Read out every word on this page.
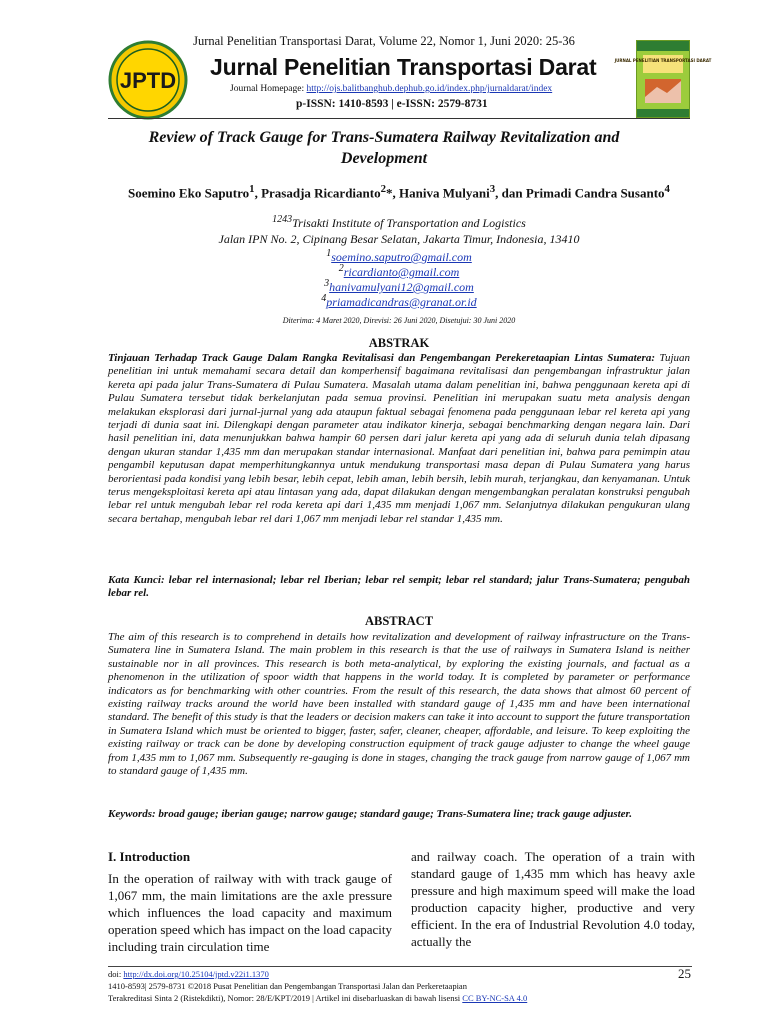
Jurnal Penelitian Transportasi Darat, Volume 22, Nomor 1, Juni 2020: 25-36
JPTD
Jurnal Penelitian Transportasi Darat
Journal Homepage: http://ojs.balitbanghub.dephub.go.id/index.php/jurnaldarat/index
p-ISSN: 1410-8593 | e-ISSN: 2579-8731
JURNAL PENELITIAN TRANSPORTASI DARAT
Review of Track Gauge for Trans-Sumatera Railway Revitalization and Development
Soemino Eko Saputro$^1$, Prasadja Ricardianto$^2$*, Haniva Mulyani$^3$, dan Primadi Candra Susanto$^4$
$^{1243}$Trisakti Institute of Transportation and Logistics
Jalan IPN No. 2, Cipinang Besar Selatan, Jakarta Timur, Indonesia, 13410
$^1$soemino.saputro@gmail.com
$^2$ricardianto@gmail.com
$^3$hanivamulyani12@gmail.com
$^4$priamadicandras@granat.or.id
Diterima: 4 Maret 2020, Direvisi: 26 Juni 2020, Disetujui: 30 Juni 2020
ABSTRAK
Tinjauan Terhadap Track Gauge Dalam Rangka Revitalisasi dan Pengembangan Perekeretaapian Lintas Sumatera: Tujuan penelitian ini untuk memahami secara detail dan komperhensif bagaimana revitalisasi dan pengembangan infrastruktur jalan kereta api pada jalur Trans-Sumatera di Pulau Sumatera. Masalah utama dalam penelitian ini, bahwa penggunaan kereta api di Pulau Sumatera tersebut tidak berkelanjutan pada semua provinsi. Penelitian ini merupakan suatu meta analysis dengan melakukan eksplorasi dari jurnal-jurnal yang ada ataupun faktual sebagai fenomena pada penggunaan lebar rel kereta api yang terjadi di dunia saat ini. Dilengkapi dengan parameter atau indikator kinerja, sebagai benchmarking dengan negara lain. Dari hasil penelitian ini, data menunjukkan bahwa hampir 60 persen dari jalur kereta api yang ada di seluruh dunia telah dipasang dengan ukuran standar 1,435 mm dan merupakan standar internasional. Manfaat dari penelitian ini, bahwa para pemimpin atau pengambil keputusan dapat memperhitungkannya untuk mendukung transportasi masa depan di Pulau Sumatera yang harus berorientasi pada kondisi yang lebih besar, lebih cepat, lebih aman, lebih bersih, lebih murah, terjangkau, dan kenyamanan. Untuk terus mengeksploitasi kereta api atau lintasan yang ada, dapat dilakukan dengan mengembangkan peralatan konstruksi pengubah lebar rel untuk mengubah lebar rel roda kereta api dari 1,435 mm menjadi 1,067 mm. Selanjutnya dilakukan pengukuran ulang secara bertahap, mengubah lebar rel dari 1,067 mm menjadi lebar rel standar 1,435 mm.
Kata Kunci: lebar rel internasional; lebar rel Iberian; lebar rel sempit; lebar rel standard; jalur Trans-Sumatera; pengubah lebar rel.
ABSTRACT
The aim of this research is to comprehend in details how revitalization and development of railway infrastructure on the Trans-Sumatera line in Sumatera Island. The main problem in this research is that the use of railways in Sumatera Island is neither sustainable nor in all provinces. This research is both meta-analytical, by exploring the existing journals, and factual as a phenomenon in the utilization of spoor width that happens in the world today. It is completed by parameter or performance indicators as for benchmarking with other countries. From the result of this research, the data shows that almost 60 percent of existing railway tracks around the world have been installed with standard gauge of 1,435 mm and have been international standard. The benefit of this study is that the leaders or decision makers can take it into account to support the future transportation in Sumatera Island which must be oriented to bigger, faster, safer, cleaner, cheaper, affordable, and leisure. To keep exploiting the existing railway or track can be done by developing construction equipment of track gauge adjuster to change the wheel gauge from 1,435 mm to 1,067 mm. Subsequently re-gauging is done in stages, changing the track gauge from narrow gauge of 1,067 mm to standard gauge of 1,435 mm.
Keywords: broad gauge; iberian gauge; narrow gauge; standard gauge; Trans-Sumatera line; track gauge adjuster.
I. Introduction
In the operation of railway with with track gauge of 1,067 mm, the main limitations are the axle pressure which influences the load capacity and maximum operation speed which has impact on the load capacity including train circulation time
and railway coach. The operation of a train with standard gauge of 1,435 mm which has heavy axle pressure and high maximum speed will make the load production capacity higher, productive and very efficient. In the era of Industrial Revolution 4.0 today, actually the
doi: http://dx.doi.org/10.25104/jptd.v22i1.1370	25
1410-8593| 2579-8731 ©2018 Pusat Penelitian dan Pengembangan Transportasi Jalan dan Perkeretaapian
Terakreditasi Sinta 2 (Ristekdikti), Nomor: 28/E/KPT/2019 | Artikel ini disebarluaskan di bawah lisensi CC BY-NC-SA 4.0
